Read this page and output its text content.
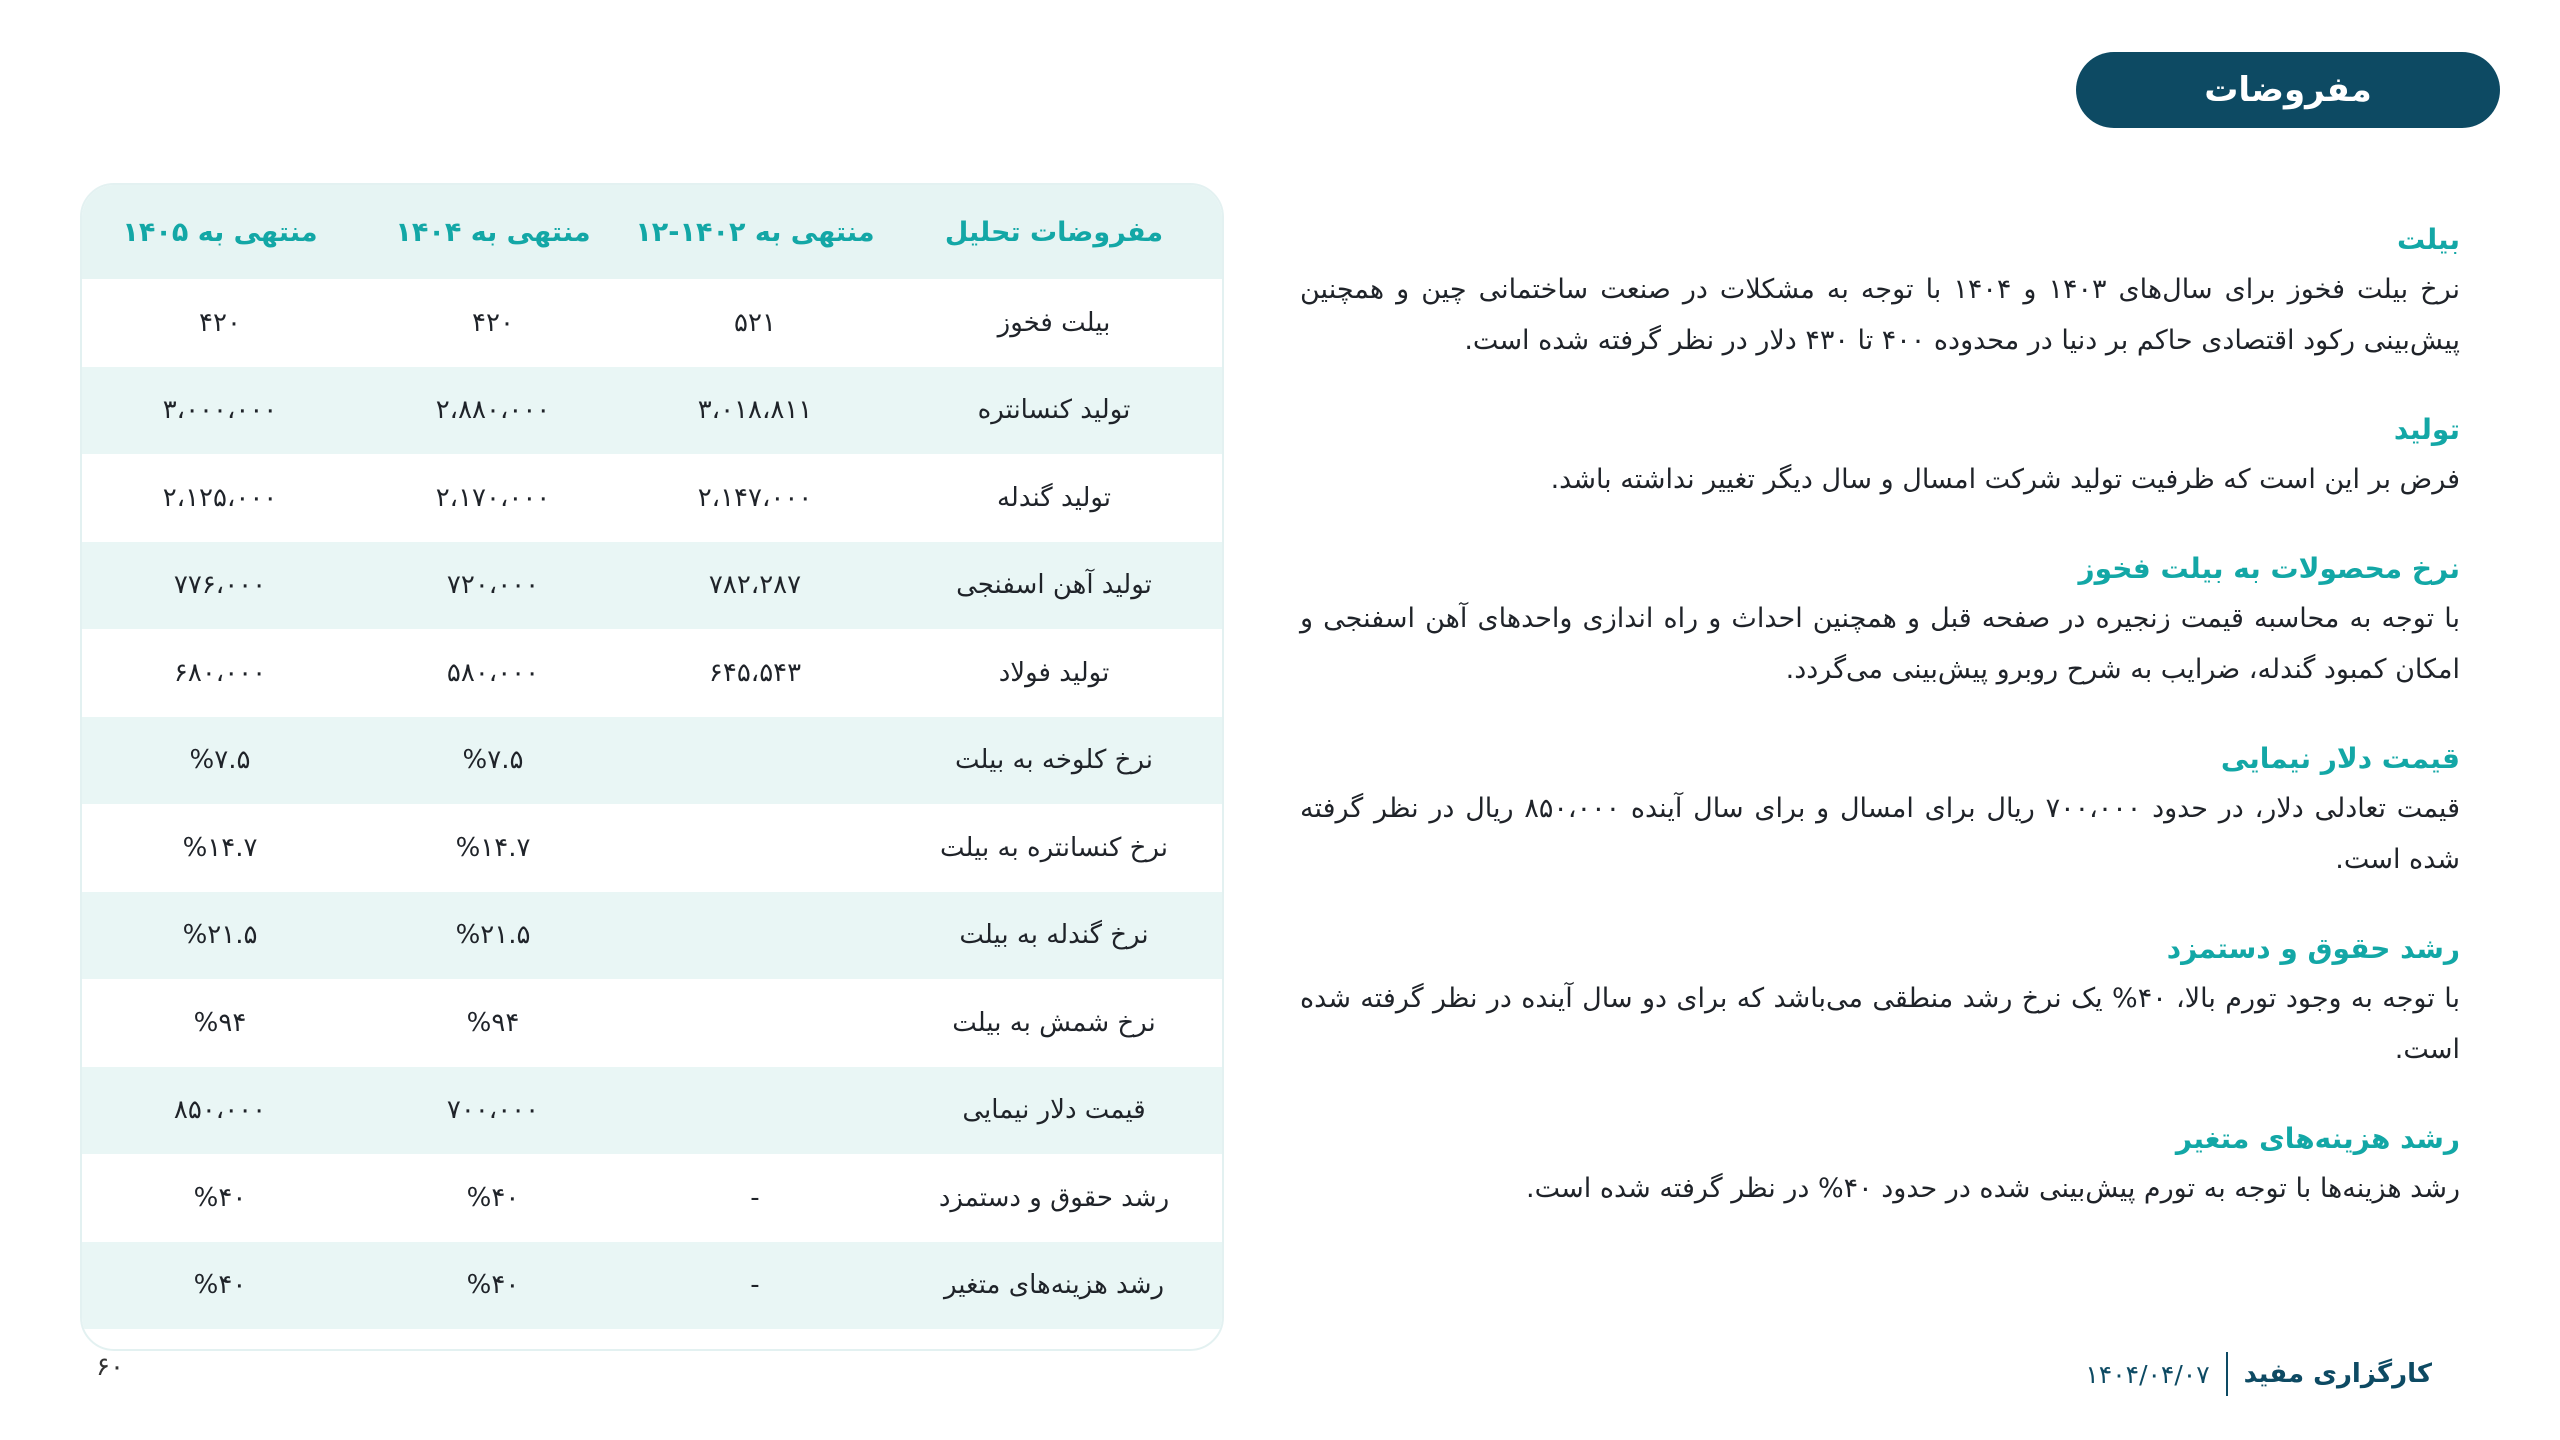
مفروضات
بیلت

نرخ بیلت فخوز برای سال‌های ۱۴۰۳ و ۱۴۰۴ با توجه به مشکلات در صنعت ساختمانی چین و همچنین پیش‌بینی رکود اقتصادی حاکم بر دنیا در محدوده ۴۰۰ تا ۴۳۰ دلار در نظر گرفته شده است.

تولید

فرض بر این است که ظرفیت تولید شرکت امسال و سال دیگر تغییر نداشته باشد.

نرخ محصولات به بیلت فخوز

با توجه به محاسبه قیمت زنجیره در صفحه قبل و همچنین احداث و راه اندازی واحدهای آهن اسفنجی و امکان کمبود گندله، ضرایب به شرح روبرو پیش‌بینی می‌گردد.

قیمت دلار نیمایی

قیمت تعادلی دلار، در حدود ۷۰۰،۰۰۰ ریال برای امسال و برای سال آینده ۸۵۰،۰۰۰ ریال در نظر گرفته شده است.

رشد حقوق و دستمزد

با توجه به وجود تورم بالا، ۴۰% یک نرخ رشد منطقی می‌باشد که برای دو سال آینده در نظر گرفته شده است.

رشد هزینه‌های متغیر

رشد هزینه‌ها با توجه به تورم پیش‌بینی شده در حدود ۴۰% در نظر گرفته شده است.

مفروضات تحلیل	منتهی به ۱۴۰۲-۱۲	منتهی به ۱۴۰۴	منتهی به ۱۴۰۵
بیلت فخوز	۵۲۱	۴۲۰	۴۲۰
تولید کنسانتره	۳،۰۱۸،۸۱۱	۲،۸۸۰،۰۰۰	۳،۰۰۰،۰۰۰
تولید گندله	۲،۱۴۷،۰۰۰	۲،۱۷۰،۰۰۰	۲،۱۲۵،۰۰۰
تولید آهن اسفنجی	۷۸۲،۲۸۷	۷۲۰،۰۰۰	۷۷۶،۰۰۰
تولید فولاد	۶۴۵،۵۴۳	۵۸۰،۰۰۰	۶۸۰،۰۰۰
نرخ کلوخه به بیلت		%۷.۵	%۷.۵
نرخ کنسانتره به بیلت		%۱۴.۷	%۱۴.۷
نرخ گندله به بیلت		%۲۱.۵	%۲۱.۵
نرخ شمش به بیلت		%۹۴	%۹۴
قیمت دلار نیمایی		۷۰۰،۰۰۰	۸۵۰،۰۰۰
رشد حقوق و دستمزد	-	%۴۰	%۴۰
رشد هزینه‌های متغیر	-	%۴۰	%۴۰
۶۰	کارگزاری مفید
۱۴۰۴/۰۴/۰۷
